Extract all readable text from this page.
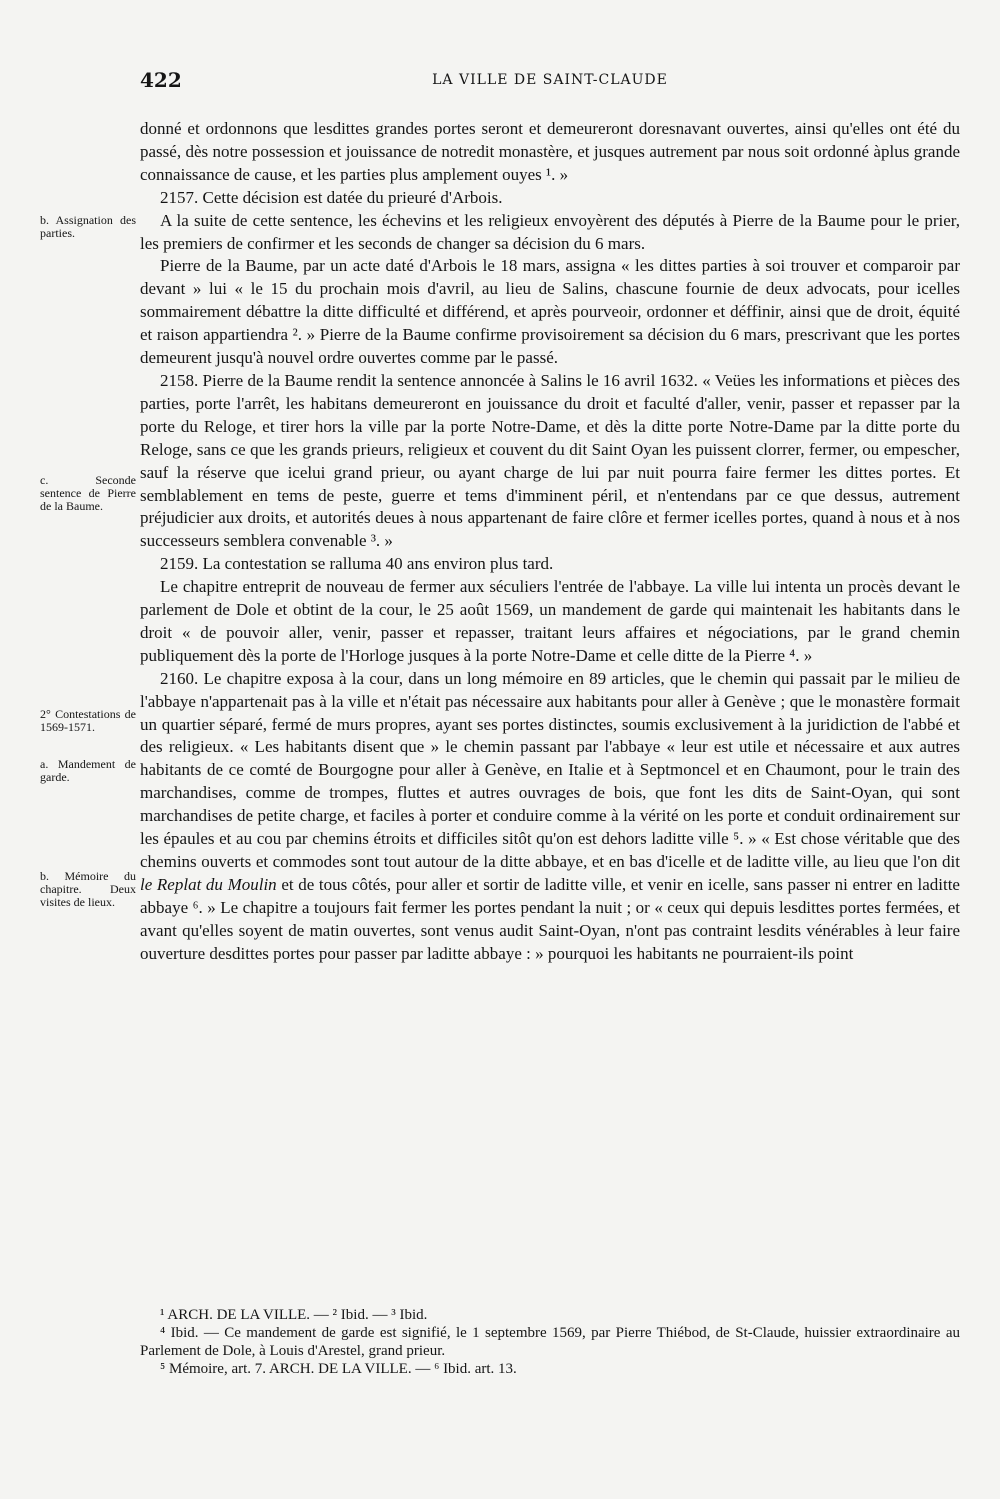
422	LA VILLE DE SAINT-CLAUDE
b. Assignation des parties.
c. Seconde sentence de Pierre de la Baume.
2° Contestations de 1569-1571.
a. Mandement de garde.
b. Mémoire du chapitre. Deux visites de lieux.

donné et ordonnons que lesdittes grandes portes seront et demeureront doresnavant ouvertes, ainsi qu'elles ont été du passé, dès notre possession et jouissance de notredit monastère, et jusques autrement par nous soit ordonné àplus grande connaissance de cause, et les parties plus amplement ouyes ¹. »

2157. Cette décision est datée du prieuré d'Arbois.

A la suite de cette sentence, les échevins et les religieux envoyèrent des députés à Pierre de la Baume pour le prier, les premiers de confirmer et les seconds de changer sa décision du 6 mars.

Pierre de la Baume, par un acte daté d'Arbois le 18 mars, assigna « les dittes parties à soi trouver et comparoir par devant » lui « le 15 du prochain mois d'avril, au lieu de Salins, chascune fournie de deux advocats, pour icelles sommairement débattre la ditte difficulté et différend, et après pourveoir, ordonner et déffinir, ainsi que de droit, équité et raison appartiendra ². » Pierre de la Baume confirme provisoirement sa décision du 6 mars, prescrivant que les portes demeurent jusqu'à nouvel ordre ouvertes comme par le passé.

2158. Pierre de la Baume rendit la sentence annoncée à Salins le 16 avril 1632. « Veües les informations et pièces des parties, porte l'arrêt, les habitans demeureront en jouissance du droit et faculté d'aller, venir, passer et repasser par la porte du Reloge, et tirer hors la ville par la porte Notre-Dame, et dès la ditte porte Notre-Dame par la ditte porte du Reloge, sans ce que les grands prieurs, religieux et couvent du dit Saint Oyan les puissent clorrer, fermer, ou empescher, sauf la réserve que icelui grand prieur, ou ayant charge de lui par nuit pourra faire fermer les dittes portes. Et semblablement en tems de peste, guerre et tems d'imminent péril, et n'entendans par ce que dessus, autrement préjudicier aux droits, et autorités deues à nous appartenant de faire clôre et fermer icelles portes, quand à nous et à nos successeurs semblera convenable ³. »

2159. La contestation se ralluma 40 ans environ plus tard.

Le chapitre entreprit de nouveau de fermer aux séculiers l'entrée de l'abbaye. La ville lui intenta un procès devant le parlement de Dole et obtint de la cour, le 25 août 1569, un mandement de garde qui maintenait les habitants dans le droit « de pouvoir aller, venir, passer et repasser, traitant leurs affaires et négociations, par le grand chemin publiquement dès la porte de l'Horloge jusques à la porte Notre-Dame et celle ditte de la Pierre ⁴. »

2160. Le chapitre exposa à la cour, dans un long mémoire en 89 articles, que le chemin qui passait par le milieu de l'abbaye n'appartenait pas à la ville et n'était pas nécessaire aux habitants pour aller à Genève ; que le monastère formait un quartier séparé, fermé de murs propres, ayant ses portes distinctes, soumis exclusivement à la juridiction de l'abbé et des religieux. « Les habitants disent que » le chemin passant par l'abbaye « leur est utile et nécessaire et aux autres habitants de ce comté de Bourgogne pour aller à Genève, en Italie et à Septmoncel et en Chaumont, pour le train des marchandises, comme de trompes, fluttes et autres ouvrages de bois, que font les dits de Saint-Oyan, qui sont marchandises de petite charge, et faciles à porter et conduire comme à la vérité on les porte et conduit ordinairement sur les épaules et au cou par chemins étroits et difficiles sitôt qu'on est dehors laditte ville ⁵. » « Est chose véritable que des chemins ouverts et commodes sont tout autour de la ditte abbaye, et en bas d'icelle et de laditte ville, au lieu que l'on dit le Replat du Moulin et de tous côtés, pour aller et sortir de laditte ville, et venir en icelle, sans passer ni entrer en laditte abbaye ⁶. » Le chapitre a toujours fait fermer les portes pendant la nuit ; or « ceux qui depuis lesdittes portes fermées, et avant qu'elles soyent de matin ouvertes, sont venus audit Saint-Oyan, n'ont pas contraint lesdits vénérables à leur faire ouverture desdittes portes pour passer par laditte abbaye : » pourquoi les habitants ne pourraient-ils point

¹ ARCH. DE LA VILLE. — ² Ibid. — ³ Ibid.

⁴ Ibid. — Ce mandement de garde est signifié, le 1 septembre 1569, par Pierre Thiébod, de St-Claude, huissier extraordinaire au Parlement de Dole, à Louis d'Arestel, grand prieur.

⁵ Mémoire, art. 7. ARCH. DE LA VILLE. — ⁶ Ibid. art. 13.
